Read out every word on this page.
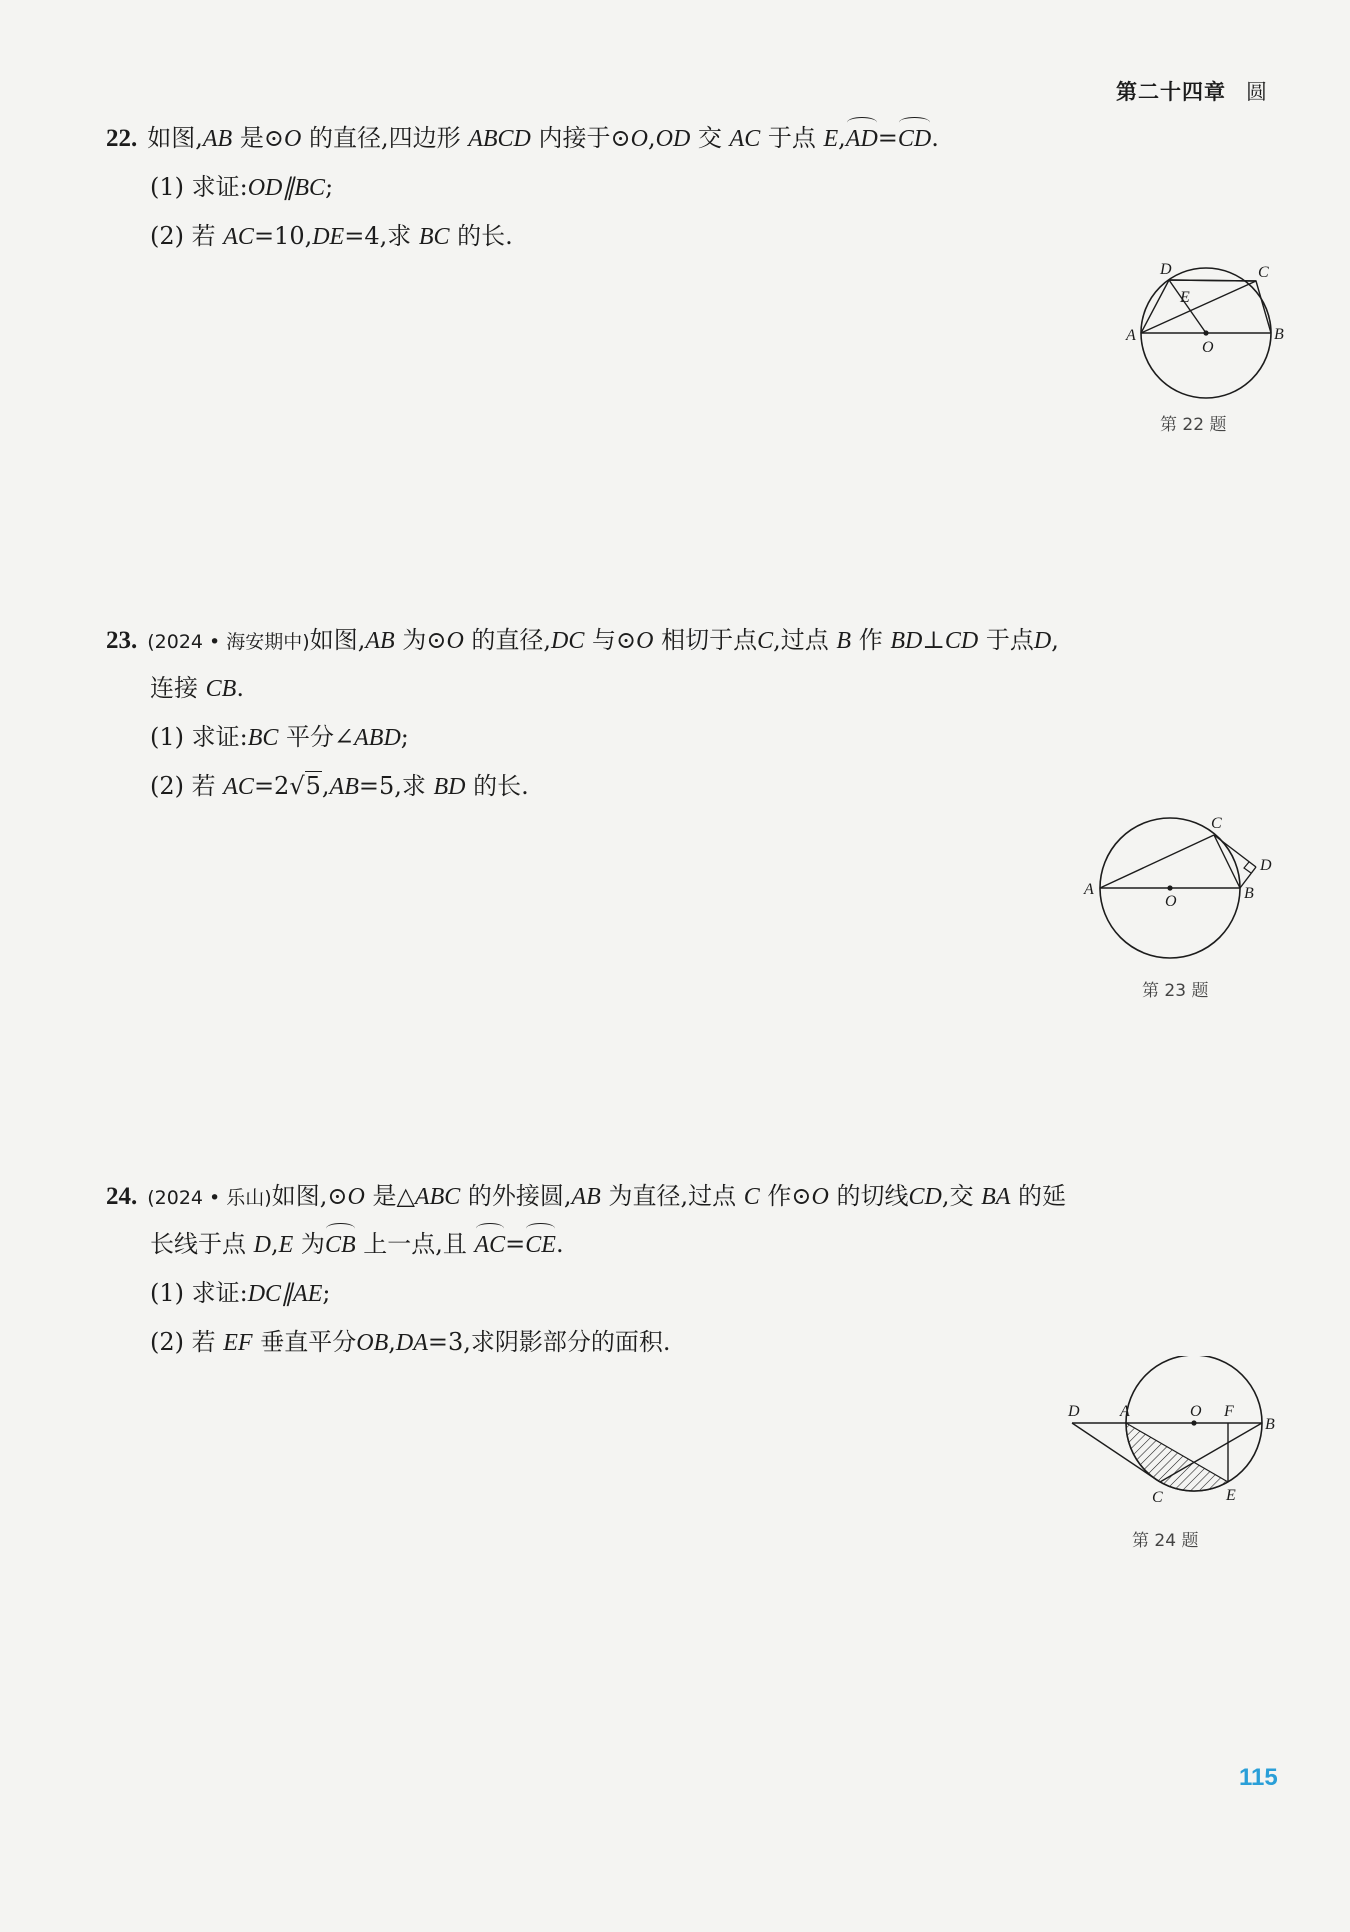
第二十四章 圆
22. 如图,AB 是⊙O 的直径,四边形 ABCD 内接于⊙O,OD 交 AC 于点 E,AD=CD.
(1) 求证:OD∥BC;
(2) 若 AC=10,DE=4,求 BC 的长.
D	C
E
A
O
B
第 22 题
23. (2024 • 海安期中)如图,AB 为⊙O 的直径,DC 与⊙O 相切于点C,过点 B 作 BD⊥CD 于点D,
连接 CB.
(1) 求证:BC 平分∠ABD;
(2) 若 AC=2√5,AB=5,求 BD 的长.
C
D
A
O	B
第 23 题
24. (2024 • 乐山)如图,⊙O 是△ABC 的外接圆,AB 为直径,过点 C 作⊙O 的切线CD,交 BA 的延
长线于点 D,E 为CB 上一点,且 AC=CE.
(1) 求证:DC∥AE;
(2) 若 EF 垂直平分OB,DA=3,求阴影部分的面积.
D	A	O F
B
C	E
第 24 题
115
